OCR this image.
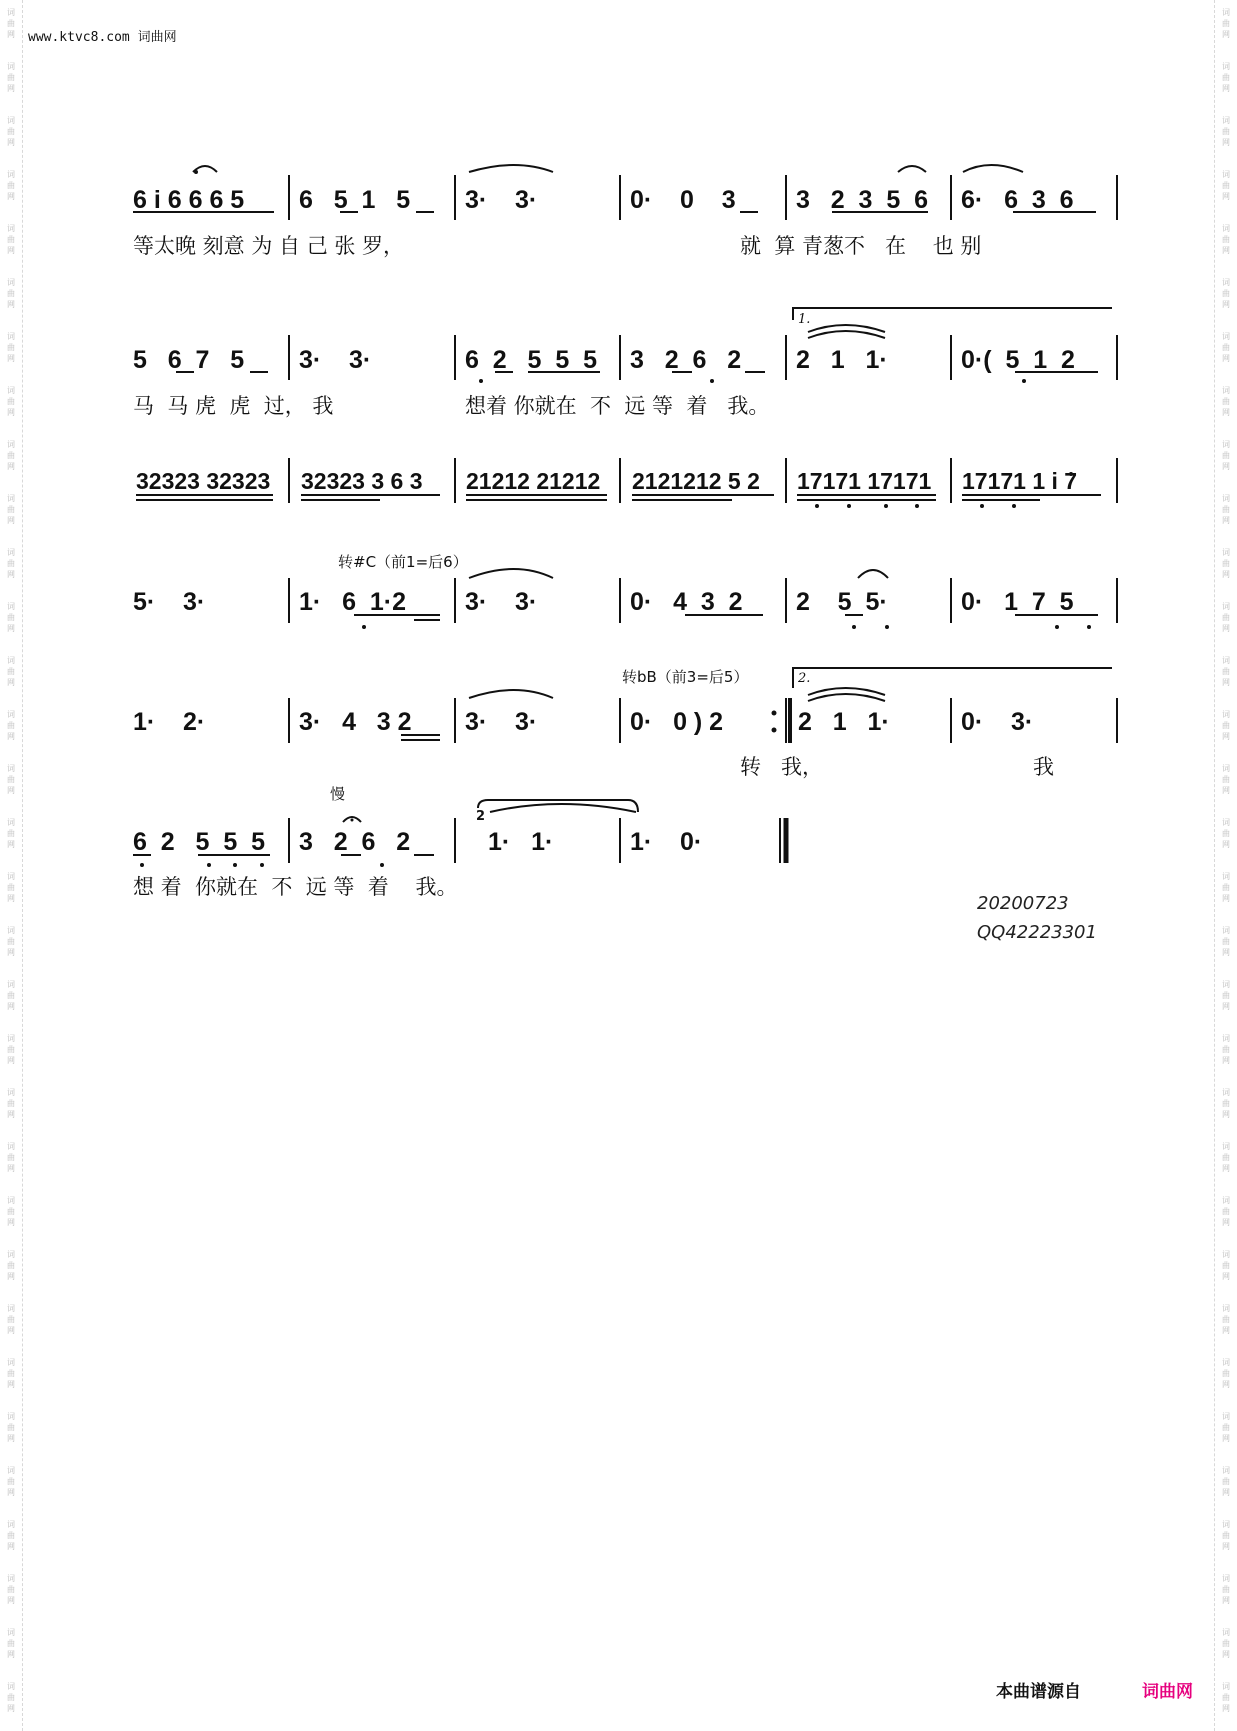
词
曲
网
词
曲
网
词
曲
网
词
曲
网
词
曲
网
词
曲
网
词
曲
网
词
曲
网
词
曲
网
词
曲
网
词
曲
网
词
曲
网
词
曲
网
词
曲
网
词
曲
网
词
曲
网
词
曲
网
词
曲
网
词
曲
网
词
曲
网
词
曲
网
词
曲
网
词
曲
网
词
曲
网
词
曲
网
词
曲
网
词
曲
网
词
曲
网
词
曲
网
词
曲
网
词
曲
网
词
曲
网
词
曲
网
词
曲
网
词
曲
网
词
曲
网
词
曲
网
词
曲
网
词
曲
网
词
曲
网
词
曲
网
词
曲
网
词
曲
网
词
曲
网
词
曲
网
词
曲
网
词
曲
网
词
曲
网
词
曲
网
词
曲
网
词
曲
网
词
曲
网
词
曲
网
词
曲
网
词
曲
网
词
曲
网
词
曲
网
词
曲
网
词
曲
网
词
曲
网
词
曲
网
词
曲
网
词
曲
网
词
曲
网
www.ktvc8.com 词曲网
6 i 6 6 6 5 6   5  1   5 3·    3·	0·    0    3 3   2  3  5  6 6·   6  3  6
等太晚 刻意 为 自 己 张 罗，	就  算 青葱不   在    也 别
5   6  7   5 3·    3·	6  2   5  5  5 3   2  6   2 2   1   1·	0·(  5  1  2
1.
马  马 虎  虎  过， 我	想着 你就在  不  远 等  着   我。
32323 32323 32323 3 6 3 21212 21212 2121212 5 2 17171 17171 17171 1 i 7
转#C（前1=后6）
5·    3·	1·   6  1·2 3·    3·	0·   4  3  2 2    5  5·	0·   1  7  5
转bB（前3=后5）	2.
1·    2·	3·   4   3 2 3·    3·	0·   0 ) 2	2   1   1·	0·    3·
转   我，	我
慢
2
6  2   5  5  5 3   2  6   2	1·   1·	1·    0·
想 着  你就在  不  远 等  着    我。
20200723
QQ42223301
本曲谱源自	词曲网
